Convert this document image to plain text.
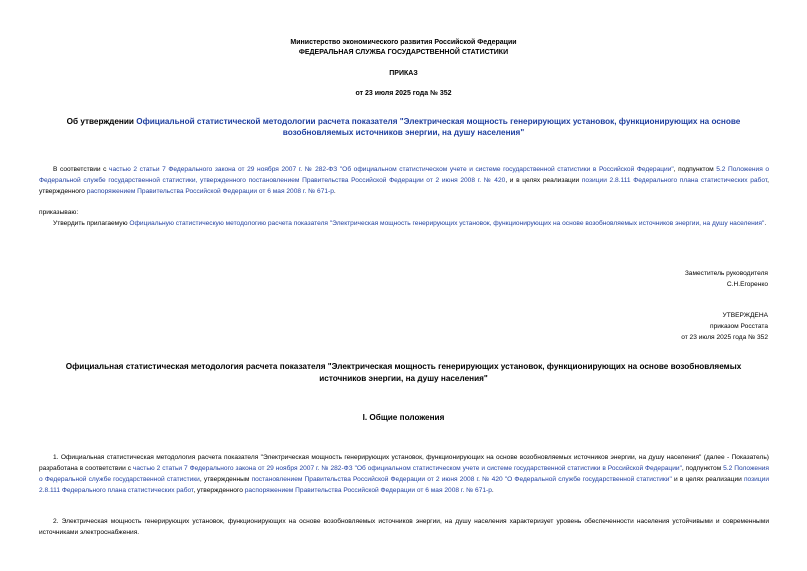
Министерство экономического развития Российской Федерации
ФЕДЕРАЛЬНАЯ СЛУЖБА ГОСУДАРСТВЕННОЙ СТАТИСТИКИ
ПРИКАЗ
от 23 июля 2025 года № 352
Об утверждении Официальной статистической методологии расчета показателя "Электрическая мощность генерирующих установок, функционирующих на основе возобновляемых источников энергии, на душу населения"
В соответствии с частью 2 статьи 7 Федерального закона от 29 ноября 2007 г. № 282-ФЗ "Об официальном статистическом учете и системе государственной статистики в Российской Федерации", подпунктом 5.2 Положения о Федеральной службе государственной статистики, утвержденного постановлением Правительства Российской Федерации от 2 июня 2008 г. № 420, и в целях реализации позиции 2.8.111 Федерального плана статистических работ, утвержденного распоряжением Правительства Российской Федерации от 6 мая 2008 г. № 671-р.
приказываю:
Утвердить прилагаемую Официальную статистическую методологию расчета показателя "Электрическая мощность генерирующих установок, функционирующих на основе возобновляемых источников энергии, на душу населения".
Заместитель руководителя
С.Н.Егоренко
УТВЕРЖДЕНА
приказом Росстата
от 23 июля 2025 года № 352
Официальная статистическая методология расчета показателя "Электрическая мощность генерирующих установок, функционирующих на основе возобновляемых источников энергии, на душу населения"
I. Общие положения
1. Официальная статистическая методология расчета показателя "Электрическая мощность генерирующих установок, функционирующих на основе возобновляемых источников энергии, на душу населения" (далее - Показатель) разработана в соответствии с частью 2 статьи 7 Федерального закона от 29 ноября 2007 г. № 282-ФЗ "Об официальном статистическом учете и системе государственной статистики в Российской Федерации", подпунктом 5.2 Положения о Федеральной службе государственной статистики, утвержденным постановлением Правительства Российской Федерации от 2 июня 2008 г. № 420 "О Федеральной службе государственной статистики" и в целях реализации позиции 2.8.111 Федерального плана статистических работ, утвержденного распоряжением Правительства Российской Федерации от 6 мая 2008 г. № 671-р.
2. Электрическая мощность генерирующих установок, функционирующих на основе возобновляемых источников энергии, на душу населения характеризует уровень обеспеченности населения устойчивыми и современными источниками электроснабжения.
